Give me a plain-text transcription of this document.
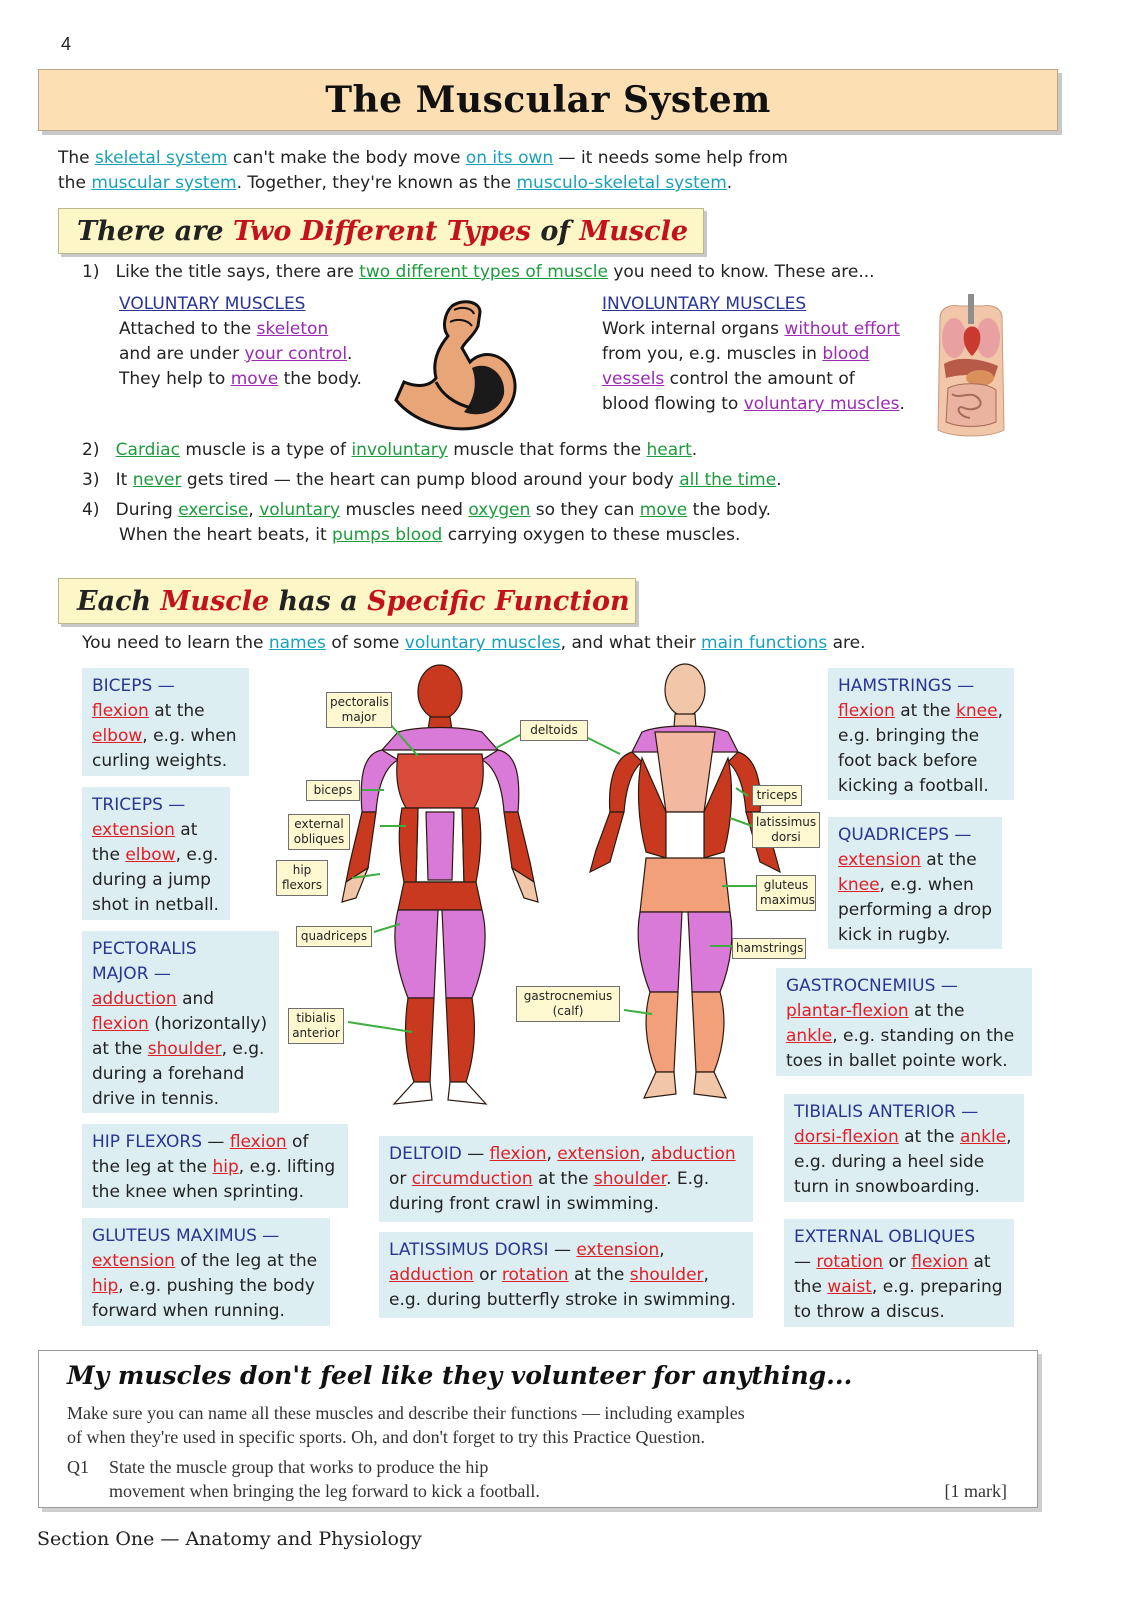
4
The Muscular System
The skeletal system can't make the body move on its own — it needs some help from
the muscular system. Together, they're known as the musculo-skeletal system.
There are Two Different Types of Muscle
1) Like the title says, there are two different types of muscle you need to know. These are...
VOLUNTARY MUSCLES
Attached to the skeleton
and are under your control.
They help to move the body.
INVOLUNTARY MUSCLES
Work internal organs without effort
from you, e.g. muscles in blood
vessels control the amount of
blood flowing to voluntary muscles.
2) Cardiac muscle is a type of involuntary muscle that forms the heart.
3) It never gets tired — the heart can pump blood around your body all the time.
4) During exercise, voluntary muscles need oxygen so they can move the body.
When the heart beats, it pumps blood carrying oxygen to these muscles.
Each Muscle has a Specific Function
You need to learn the names of some voluntary muscles, and what their main functions are.
BICEPS —
flexion at the
elbow, e.g. when
curling weights.
TRICEPS —
extension at
the elbow, e.g.
during a jump
shot in netball.
PECTORALIS
MAJOR —
adduction and
flexion (horizontally)
at the shoulder, e.g.
during a forehand
drive in tennis.
HIP FLEXORS — flexion of
the leg at the hip, e.g. lifting
the knee when sprinting.
GLUTEUS MAXIMUS —
extension of the leg at the
hip, e.g. pushing the body
forward when running.
DELTOID — flexion, extension, abduction
or circumduction at the shoulder. E.g.
during front crawl in swimming.
LATISSIMUS DORSI — extension,
adduction or rotation at the shoulder,
e.g. during butterfly stroke in swimming.
HAMSTRINGS —
flexion at the knee,
e.g. bringing the
foot back before
kicking a football.
QUADRICEPS —
extension at the
knee, e.g. when
performing a drop
kick in rugby.
GASTROCNEMIUS —
plantar-flexion at the
ankle, e.g. standing on the
toes in ballet pointe work.
TIBIALIS ANTERIOR —
dorsi-flexion at the ankle,
e.g. during a heel side
turn in snowboarding.
EXTERNAL OBLIQUES
— rotation or flexion at
the waist, e.g. preparing
to throw a discus.
pectoralis
major
deltoids
biceps
external
obliques
hip
flexors
quadriceps
tibialis
anterior
gastrocnemius
(calf)
triceps
latissimus
dorsi
gluteus
maximus
hamstrings
My muscles don't feel like they volunteer for anything...
Make sure you can name all these muscles and describe their functions — including examples
of when they're used in specific sports. Oh, and don't forget to try this Practice Question.
Q1 State the muscle group that works to produce the hip
movement when bringing the leg forward to kick a football.	[1 mark]
Section One — Anatomy and Physiology
